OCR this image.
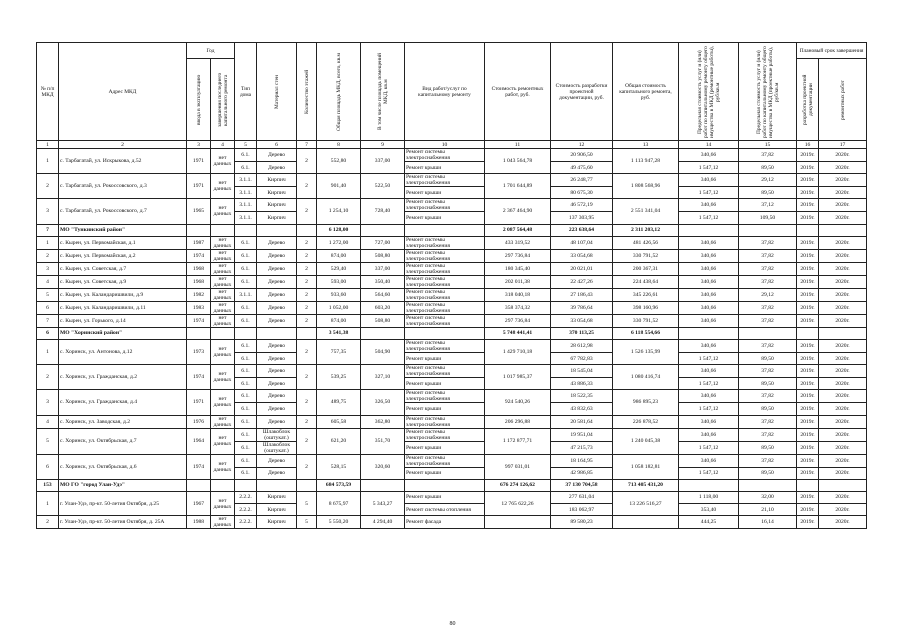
№ п/п МКД	Адрес МКД	Год		Тип дома	Материал стен	Количество этажей	Общая площадь МКД, всего, кв.м	В том числе площадь помещений МКД, кв.м	Вид работ/услуг по капитальному ремонту	Стоимость ремонтных работ, руб.	Стоимость разработки проектной документации, руб.	Общая стоимость капитального ремонта, руб.	Предельная стоимость услуг и (или) работ по капитальному ремонту общего имущества в МКД (ремонтные работы), руб/кв.м	Предельная стоимость услуг и (или) работ по капитальному ремонту общего имущества в МКД (проектные работы), руб/кв.м	Плановый срок завершения	

		ввода в эксплуатацию	завершения последнего капитального ремонта												разработка проектной документации	ремонтных работ

1	2	3	4	5	6	7	8	9	10	11	12	13	14	15	16	17
1	с. Тарбагатай, ул. Искрыкова, д.52	1971	нет данных	6.1.	Дерево	2	552,80	337,00	Ремонт системы электроснабжения	1 043 564,78	20 906,50	1 113 947,28	340,66	37,82	2019г.	2020г.
				6.1.	Дерево				Ремонт крыши		49 475,60		1 547,12	89,50	2019г.	2020г.
2	с. Тарбагатай, ул. Рокоссовского, д.3	1971	нет данных	3.1.1.	Кирпич	2	901,40	522,50	Ремонт системы электроснабжения	1 701 644,89	26 248,77	1 808 568,96	340,66	29,12	2019г.	2020г.
				3.1.1.	Кирпич				Ремонт крыши		80 675,30		1 547,12	89,50	2019г.	2020г.
3	с. Тарбагатай, ул. Рокоссовского, д.7	1965	нет данных	3.1.1.	Кирпич	2	1 254,10	728,40	Ремонт системы электроснабжения	2 367 464,90	46 572,19	2 551 341,04	340,66	37,12	2019г.	2020г.
				3.1.1.	Кирпич				Ремонт крыши		137 303,95		1 547,12	109,50	2019г.	2020г.
7	МО "Тункинский район"						6 128,00			2 087 564,48	223 638,64	2 311 203,12				
1	с. Кырен, ул. Первомайская, д.1	1987	нет данных	6.1.	Дерево	2	1 272,00	727,00	Ремонт системы электроснабжения	433 319,52	48 107,04	481 426,56	340,66	37,82	2019г.	2020г.
2	с. Кырен, ул. Первомайская, д.2	1974	нет данных	6.1.	Дерево	2	874,00	508,80	Ремонт системы электроснабжения	297 736,84	33 054,68	330 791,52	340,66	37,82	2019г.	2020г.
3	с. Кырен, ул. Советская, д.7	1968	нет данных	6.1.	Дерево	2	529,40	337,00	Ремонт системы электроснабжения	180 345,40	20 021,01	200 367,31	340,66	37,82	2019г.	2020г.
4	с. Кырен, ул. Советская, д.9	1968	нет данных	6.1.	Дерево	2	593,00	350,40	Ремонт системы электроснабжения	202 011,38	22 427,26	224 438,64	340,66	37,82	2019г.	2020г.
5	с. Кырен, ул. Каландаришвили, д.9	1982	нет данных	3.1.1.	Дерево	2	933,60	564,60	Ремонт системы электроснабжения	318 040,18	27 186,43	345 226,61	340,66	29,12	2019г.	2020г.
6	с. Кырен, ул. Каландаришвили, д.11	1983	нет данных	6.1.	Дерево	2	1 052,00	603,20	Ремонт системы электроснабжения	358 374,32	39 786,64	398 160,96	340,66	37,82	2019г.	2020г.
7	с. Кырен, ул. Горького, д.14	1974	нет данных	6.1.	Дерево	2	874,00	508,80	Ремонт системы электроснабжения	297 736,84	33 054,68	330 791,52	340,66	37,82	2019г.	2020г.
6	МО "Хоринский район"						3 541,38			5 748 441,41	370 113,25	6 118 554,66				
1	с. Хоринск, ул. Антонова, д.12	1973	нет данных	6.1.	Дерево	2	757,35	504,90	Ремонт системы электроснабжения	1 429 710,18	28 612,98	1 526 135,99	340,66	37,82	2019г.	2020г.
				6.1.	Дерево				Ремонт крыши		67 782,83		1 547,12	89,50	2019г.	2020г.
2	с. Хоринск, ул. Гражданская, д.2	1974	нет данных	6.1.	Дерево	2	539,25	327,10	Ремонт системы электроснабжения	1 017 985,37	18 545,04	1 080 416,74	340,66	37,82	2019г.	2020г.
				6.1.	Дерево				Ремонт крыши		43 886,33		1 547,12	89,50	2019г.	2020г.
3	с. Хоринск, ул. Гражданская, д.4	1971	нет данных	6.1.	Дерево	2	489,75	326,50	Ремонт системы электроснабжения	924 540,26	18 522,35	986 895,23	340,66	37,82	2019г.	2020г.
				6.1.	Дерево				Ремонт крыши		43 832,63		1 547,12	89,50	2019г.	2020г.
4	с. Хоринск, ул. Заводская, д.2	1976	нет данных	6.1.	Дерево	2	605,58	362,80	Ремонт системы электроснабжения	206 296,88	20 581,64	226 878,52	340,66	37,82	2019г.	2020г.
5	с. Хоринск, ул. Октябрьская, д.7	1964	нет данных	6.1.	Шлакоблок (оштукат.)	2	621,20	351,70	Ремонт системы электроснабжения	1 172 877,71	19 951,04	1 240 045,38	340,66	37,82	2019г.	2020г.
				6.1.	Шлакоблок (оштукат.)				Ремонт крыши		47 215,73		1 547,12	89,50	2019г.	2020г.
6	с. Хоринск, ул. Октябрьская, д.6	1974	нет данных	6.1.	Дерево	2	528,15	320,60	Ремонт системы электроснабжения	997 031,01	18 164,95	1 058 182,81	340,66	37,82	2019г.	2020г.
				6.1.	Дерево				Ремонт крыши		42 986,85		1 547,12	89,50	2019г.	2020г.
153	МО ГО "город Улан-Удэ"						684 573,59			676 274 126,62	37 130 704,58	713 405 431,20				
1	г. Улан-Удэ, пр-кт. 50-летия Октября, д.25	1967	нет данных	2.2.2.	Кирпич	5	8 675,97	5 343,27	Ремонт крыши	12 765 622,26	277 631,04	13 226 516,27	1 118,00	32,00	2019г.	2020г.
				2.2.2.	Кирпич				Ремонт системы отопления		183 062,97		353,40	21,10	2019г.	2020г.
2	г. Улан-Удэ, пр-кт. 50-летия Октября, д. 25А	1988	нет данных	2.2.2.	Кирпич	5	5 550,20	4 294,40	Ремонт фасада		89 580,23		444,25	16,14	2019г.	2020г.
80
